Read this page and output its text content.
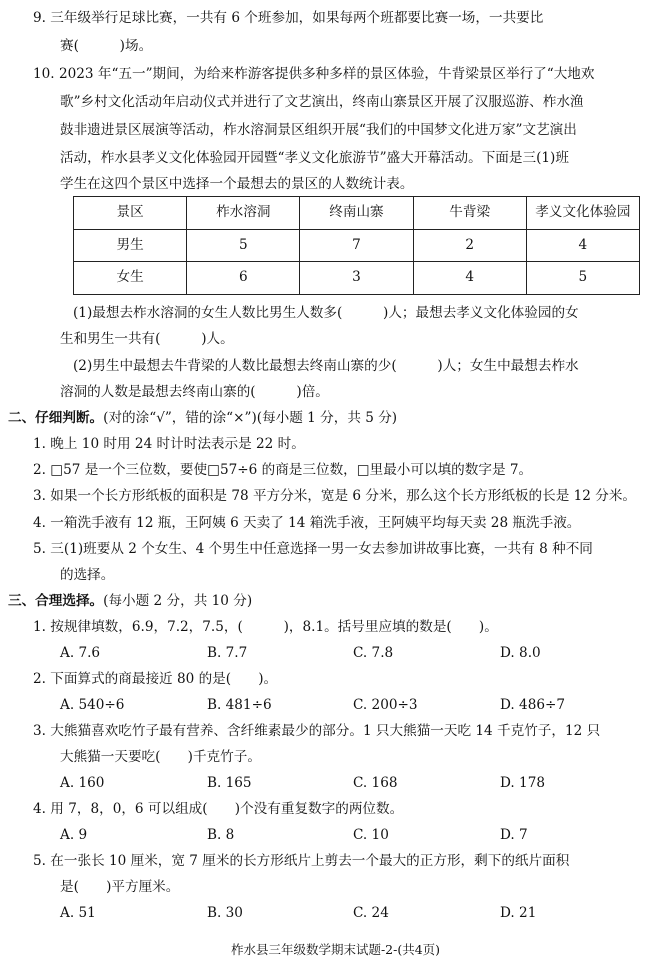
9. 三年级举行足球比赛，一共有 6 个班参加，如果每两个班都要比赛一场，一共要比
赛(　　　)场。
10. 2023 年“五一”期间，为给来柞游客提供多种多样的景区体验，牛背梁景区举行了“大地欢
歌”乡村文化活动年启动仪式并进行了文艺演出，终南山寨景区开展了汉服巡游、柞水渔
鼓非遗进景区展演等活动，柞水溶洞景区组织开展“我们的中国梦文化进万家”文艺演出
活动，柞水县孝义文化体验园开园暨“孝义文化旅游节”盛大开幕活动。下面是三(1)班
学生在这四个景区中选择一个最想去的景区的人数统计表。
景区	柞水溶洞	终南山寨	牛背梁	孝义文化体验园
男生	5	7	2	4
女生	6	3	4	5
(1)最想去柞水溶洞的女生人数比男生人数多(　　　)人；最想去孝义文化体验园的女
生和男生一共有(　　　)人。
(2)男生中最想去牛背梁的人数比最想去终南山寨的少(　　　)人；女生中最想去柞水
溶洞的人数是最想去终南山寨的(　　　)倍。
二、仔细判断。(对的涂“√”，错的涂“×”)(每小题 1 分，共 5 分)
1. 晚上 10 时用 24 时计时法表示是 22 时。
2. □57 是一个三位数，要使□57÷6 的商是三位数，□里最小可以填的数字是 7。
3. 如果一个长方形纸板的面积是 78 平方分米，宽是 6 分米，那么这个长方形纸板的长是 12 分米。
4. 一箱洗手液有 12 瓶，王阿姨 6 天卖了 14 箱洗手液，王阿姨平均每天卖 28 瓶洗手液。
5. 三(1)班要从 2 个女生、4 个男生中任意选择一男一女去参加讲故事比赛，一共有 8 种不同
的选择。
三、合理选择。(每小题 2 分，共 10 分)
1. 按规律填数，6.9，7.2，7.5，(　　　)，8.1。括号里应填的数是(　　)。
A. 7.6	B. 7.7	C. 7.8	D. 8.0
2. 下面算式的商最接近 80 的是(　　)。
A. 540÷6	B. 481÷6	C. 200÷3	D. 486÷7
3. 大熊猫喜欢吃竹子最有营养、含纤维素最少的部分。1 只大熊猫一天吃 14 千克竹子，12 只
大熊猫一天要吃(　　)千克竹子。
A. 160	B. 165	C. 168	D. 178
4. 用 7，8，0，6 可以组成(　　)个没有重复数字的两位数。
A. 9	B. 8	C. 10	D. 7
5. 在一张长 10 厘米，宽 7 厘米的长方形纸片上剪去一个最大的正方形，剩下的纸片面积
是(　　)平方厘米。
A. 51	B. 30	C. 24	D. 21
柞水县三年级数学期末试题-2-(共4页)
